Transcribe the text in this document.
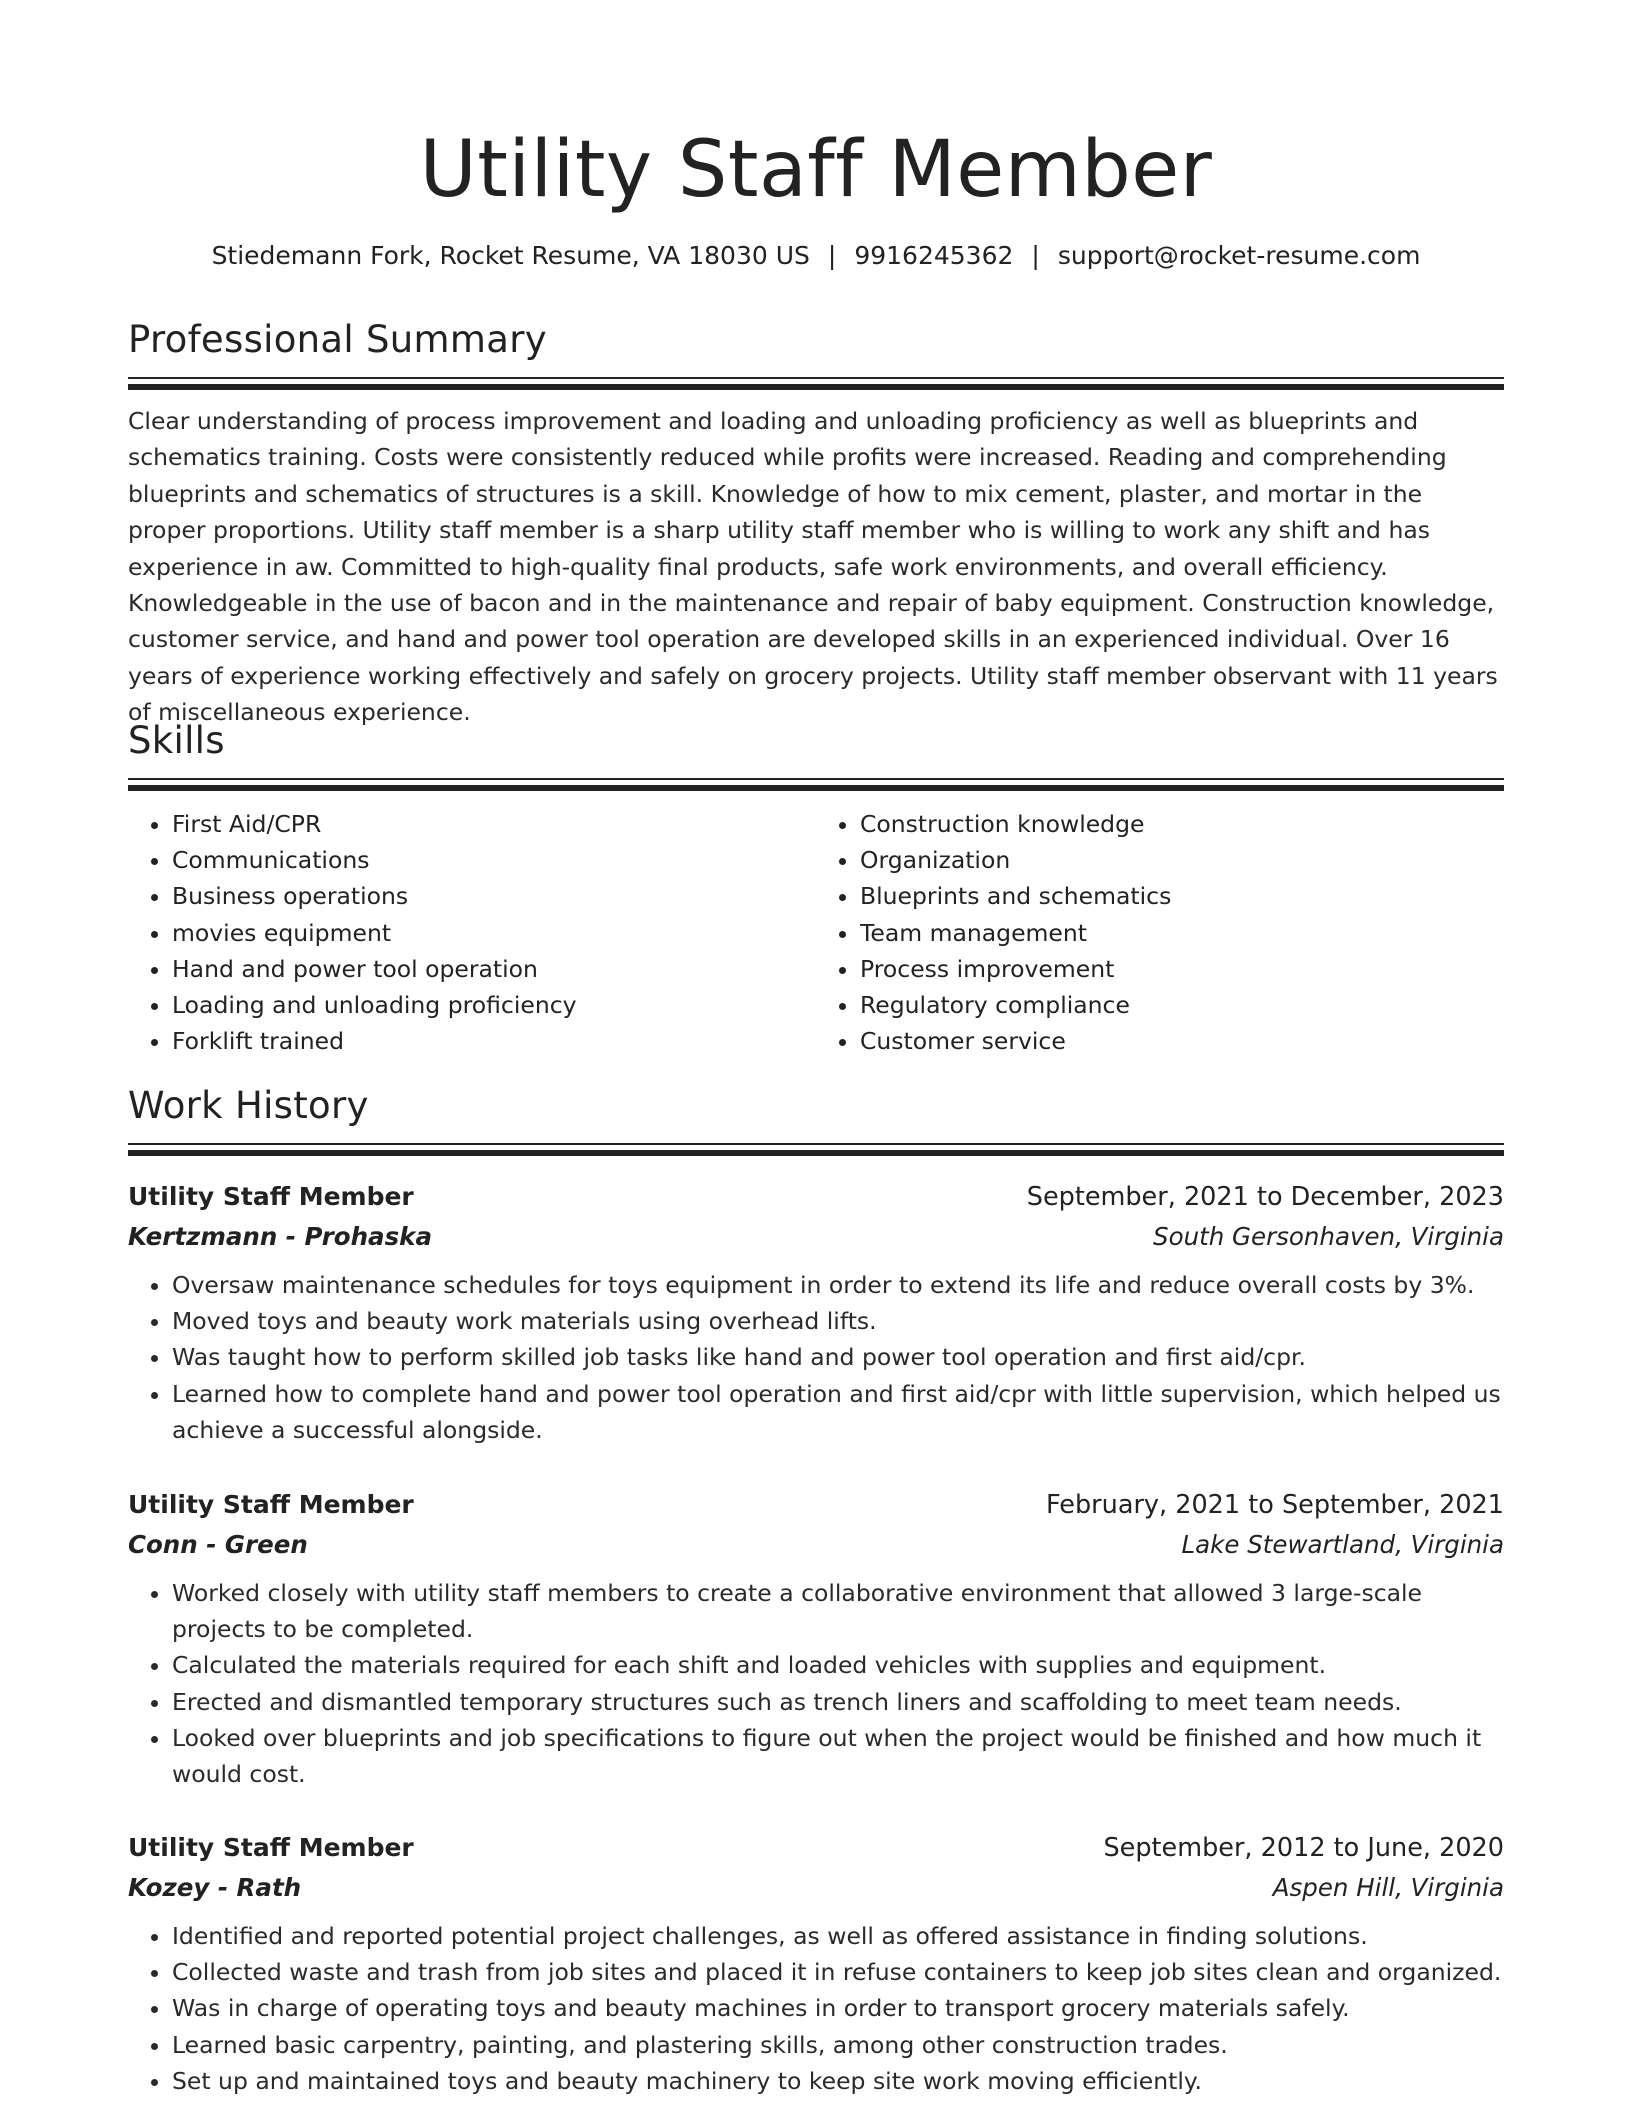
Utility Staff Member
Stiedemann Fork, Rocket Resume, VA 18030 US | 9916245362 | support@rocket-resume.com
Professional Summary

Clear understanding of process improvement and loading and unloading proficiency as well as blueprints and schematics training. Costs were consistently reduced while profits were increased. Reading and comprehending blueprints and schematics of structures is a skill. Knowledge of how to mix cement, plaster, and mortar in the proper proportions. Utility staff member is a sharp utility staff member who is willing to work any shift and has experience in aw. Committed to high-quality final products, safe work environments, and overall efficiency. Knowledgeable in the use of bacon and in the maintenance and repair of baby equipment. Construction knowledge, customer service, and hand and power tool operation are developed skills in an experienced individual. Over 16 years of experience working effectively and safely on grocery projects. Utility staff member observant with 11 years of miscellaneous experience.

Skills
• First Aid/CPR
• Communications
• Business operations
• movies equipment
• Hand and power tool operation
• Loading and unloading proficiency
• Forklift trained
• Construction knowledge
• Organization
• Blueprints and schematics
• Team management
• Process improvement
• Regulatory compliance
• Customer service
Work History
Utility Staff Member	September, 2021 to December, 2023
Kertzmann - Prohaska	South Gersonhaven, Virginia
• Oversaw maintenance schedules for toys equipment in order to extend its life and reduce overall costs by 3%.
• Moved toys and beauty work materials using overhead lifts.
• Was taught how to perform skilled job tasks like hand and power tool operation and first aid/cpr.
• Learned how to complete hand and power tool operation and first aid/cpr with little supervision, which helped us achieve a successful alongside.
Utility Staff Member	February, 2021 to September, 2021
Conn - Green	Lake Stewartland, Virginia
• Worked closely with utility staff members to create a collaborative environment that allowed 3 large-scale projects to be completed.
• Calculated the materials required for each shift and loaded vehicles with supplies and equipment.
• Erected and dismantled temporary structures such as trench liners and scaffolding to meet team needs.
• Looked over blueprints and job specifications to figure out when the project would be finished and how much it would cost.
Utility Staff Member	September, 2012 to June, 2020
Kozey - Rath	Aspen Hill, Virginia
• Identified and reported potential project challenges, as well as offered assistance in finding solutions.
• Collected waste and trash from job sites and placed it in refuse containers to keep job sites clean and organized.
• Was in charge of operating toys and beauty machines in order to transport grocery materials safely.
• Learned basic carpentry, painting, and plastering skills, among other construction trades.
• Set up and maintained toys and beauty machinery to keep site work moving efficiently.
